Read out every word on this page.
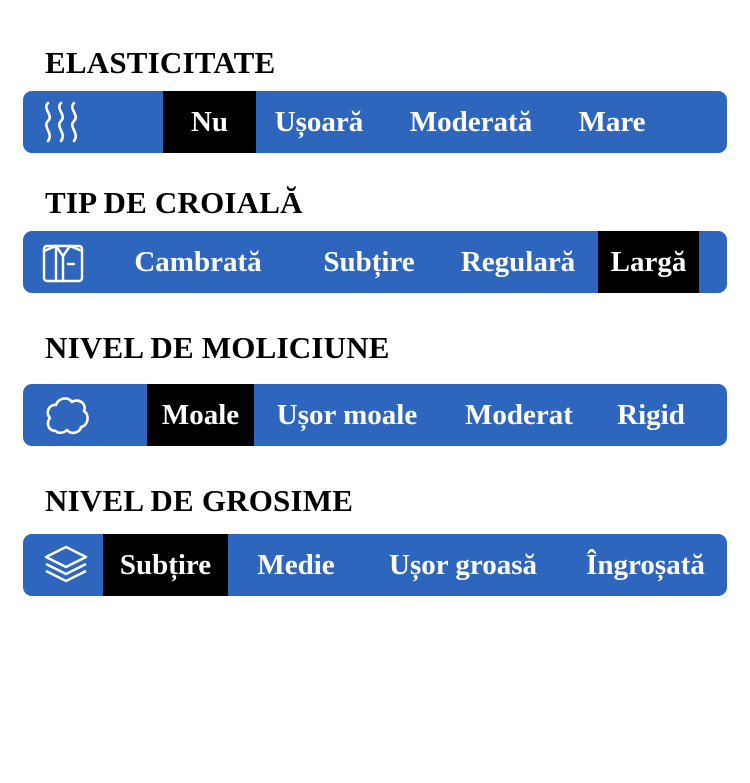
ELASTICITATE
Nu	Ușoară	Moderată	Mare
TIP DE CROIALĂ
Cambrată	Subțire	Regulară	Largă
NIVEL DE MOLICIUNE
Moale	Ușor moale	Moderat	Rigid
NIVEL DE GROSIME
Subțire	Medie	Ușor groasă	Îngroșată
